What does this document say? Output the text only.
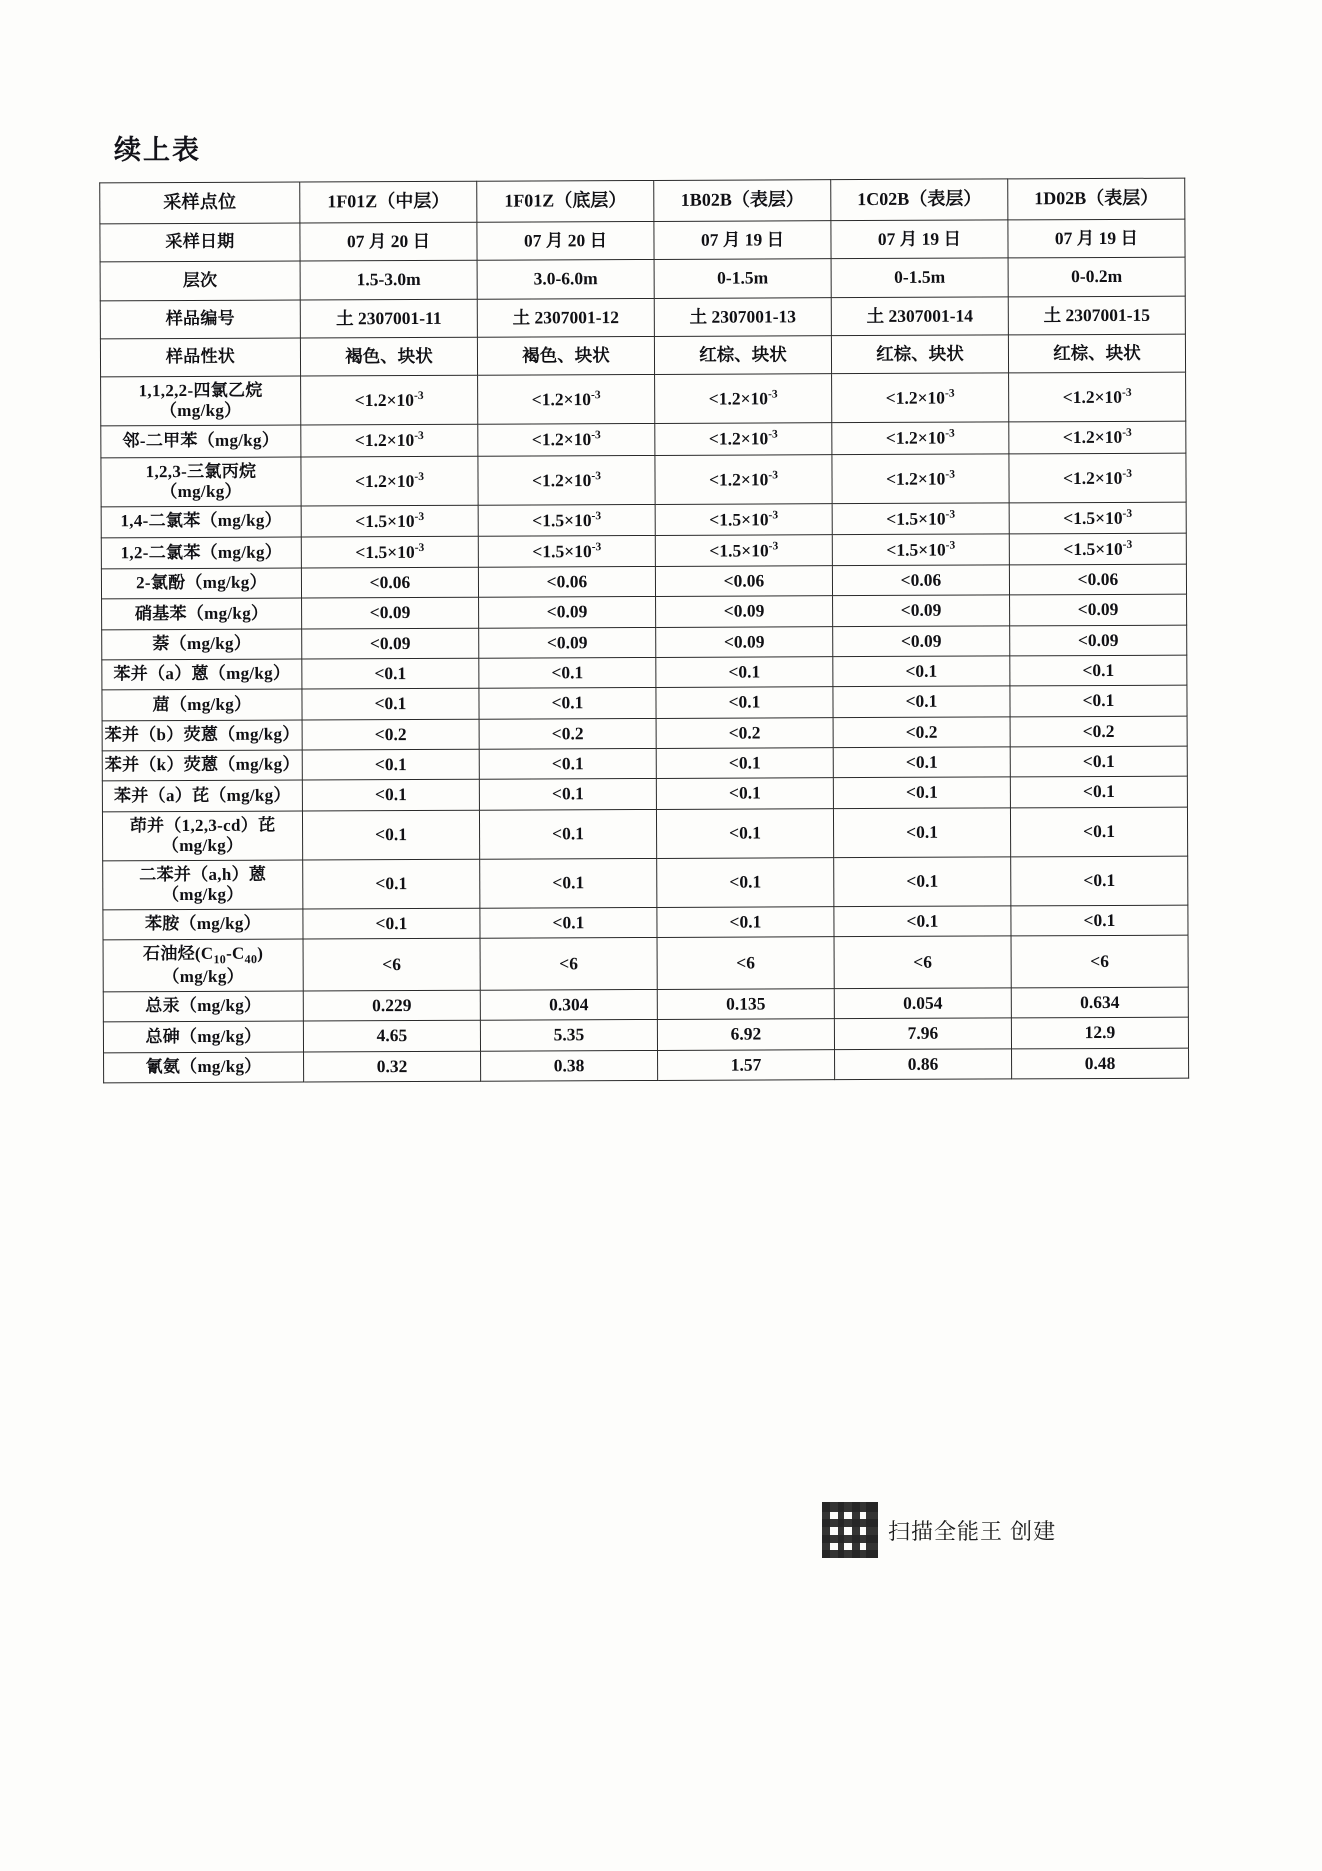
续上表
采样点位	1F01Z（中层）	1F01Z（底层）	1B02B（表层）	1C02B（表层）	1D02B（表层）
采样日期	07 月 20 日	07 月 20 日	07 月 19 日	07 月 19 日	07 月 19 日
层次	1.5-3.0m	3.0-6.0m	0-1.5m	0-1.5m	0-0.2m
样品编号	土 2307001-11	土 2307001-12	土 2307001-13	土 2307001-14	土 2307001-15
样品性状	褐色、块状	褐色、块状	红棕、块状	红棕、块状	红棕、块状

1,1,2,2-四氯乙烷
（mg/kg）	$<1.2\times 10^{-3}$	$<1.2\times 10^{-3}$	$<1.2\times 10^{-3}$	$<1.2\times 10^{-3}$	$<1.2\times 10^{-3}$
邻-二甲苯（mg/kg）	$<1.2\times 10^{-3}$	$<1.2\times 10^{-3}$	$<1.2\times 10^{-3}$	$<1.2\times 10^{-3}$	$<1.2\times 10^{-3}$

1,2,3-三氯丙烷
（mg/kg）	$<1.2\times 10^{-3}$	$<1.2\times 10^{-3}$	$<1.2\times 10^{-3}$	$<1.2\times 10^{-3}$	$<1.2\times 10^{-3}$
1,4-二氯苯（mg/kg）	$<1.5\times 10^{-3}$	$<1.5\times 10^{-3}$	$<1.5\times 10^{-3}$	$<1.5\times 10^{-3}$	$<1.5\times 10^{-3}$
1,2-二氯苯（mg/kg）	$<1.5\times 10^{-3}$	$<1.5\times 10^{-3}$	$<1.5\times 10^{-3}$	$<1.5\times 10^{-3}$	$<1.5\times 10^{-3}$
2-氯酚（mg/kg）	<0.06	<0.06	<0.06	<0.06	<0.06
硝基苯（mg/kg）	<0.09	<0.09	<0.09	<0.09	<0.09
萘（mg/kg）	<0.09	<0.09	<0.09	<0.09	<0.09
苯并（a）蒽（mg/kg）	<0.1	<0.1	<0.1	<0.1	<0.1
䓛（mg/kg）	<0.1	<0.1	<0.1	<0.1	<0.1
苯并（b）荧蒽（mg/kg）	<0.2	<0.2	<0.2	<0.2	<0.2
苯并（k）荧蒽（mg/kg）	<0.1	<0.1	<0.1	<0.1	<0.1
苯并（a）芘（mg/kg）	<0.1	<0.1	<0.1	<0.1	<0.1

茚并（1,2,3-cd）芘
（mg/kg）	<0.1	<0.1	<0.1	<0.1	<0.1

二苯并（a,h）蒽
（mg/kg）	<0.1	<0.1	<0.1	<0.1	<0.1
苯胺（mg/kg）	<0.1	<0.1	<0.1	<0.1	<0.1

石油烃$(C_{10}-C_{40})$
（mg/kg）	<6	<6	<6	<6	<6
总汞（mg/kg）	0.229	0.304	0.135	0.054	0.634
总砷（mg/kg）	4.65	5.35	6.92	7.96	12.9
氰氨（mg/kg）	0.32	0.38	1.57	0.86	0.48
扫描全能王 创建
